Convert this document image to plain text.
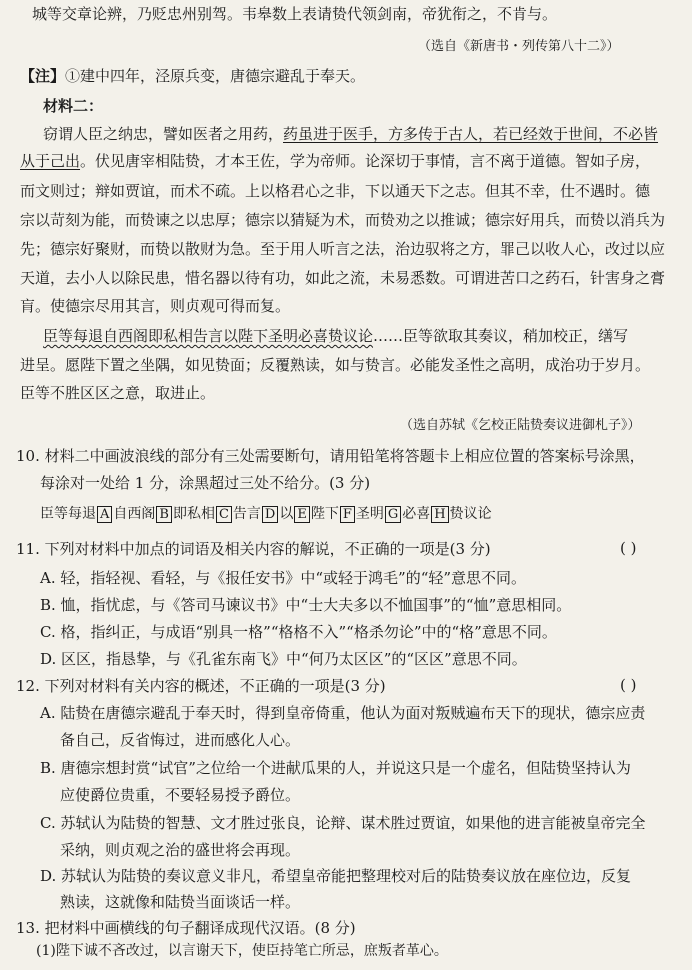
城等交章论辨，乃贬忠州别驾。韦皋数上表请贽代领剑南，帝犹衔之，不肯与。
（选自《新唐书・列传第八十二》）
【注】①建中四年，泾原兵变，唐德宗避乱于奉天。
材料二：
窃谓人臣之纳忠，譬如医者之用药，药虽进于医手，方多传于古人，若已经效于世间，不必皆
从于己出。伏见唐宰相陆贽，才本王佐，学为帝师。论深切于事情，言不离于道德。智如子房，
而文则过；辩如贾谊，而术不疏。上以格君心之非，下以通天下之志。但其不幸，仕不遇时。德
宗以苛刻为能，而贽谏之以忠厚；德宗以猜疑为术，而贽劝之以推诚；德宗好用兵，而贽以消兵为
先；德宗好聚财，而贽以散财为急。至于用人听言之法，治边驭将之方，罪己以收人心，改过以应
天道，去小人以除民患，惜名器以待有功，如此之流，未易悉数。可谓进苦口之药石，针害身之膏
肓。使德宗尽用其言，则贞观可得而复。
臣等每退自西阁即私相告言以陛下圣明必喜贽议论……臣等欲取其奏议，稍加校正，缮写
进呈。愿陛下置之坐隅，如见贽面；反覆熟读，如与贽言。必能发圣性之高明，成治功于岁月。
臣等不胜区区之意，取进止。
（选自苏轼《乞校正陆贽奏议进御札子》）
10. 材料二中画波浪线的部分有三处需要断句，请用铅笔将答题卡上相应位置的答案标号涂黑，
每涂对一处给 1 分，涂黑超过三处不给分。(3 分)
臣等每退 A 自西阁 B 即私相 C 告言 D 以 E 陛下 F 圣明 G 必喜 H 贽议论
11. 下列对材料中加点的词语及相关内容的解说，不正确的一项是(3 分)	( )
A. 轻，指轻视、看轻，与《报任安书》中“或轻于鸿毛”的“轻”意思不同。
B. 恤，指忧虑，与《答司马谏议书》中“士大夫多以不恤国事”的“恤”意思相同。
C. 格，指纠正，与成语“别具一格”“格格不入”“格杀勿论”中的“格”意思不同。
D. 区区，指恳挚，与《孔雀东南飞》中“何乃太区区”的“区区”意思不同。
12. 下列对材料有关内容的概述，不正确的一项是(3 分)	( )
A. 陆贽在唐德宗避乱于奉天时，得到皇帝倚重，他认为面对叛贼遍布天下的现状，德宗应责
备自己，反省悔过，进而感化人心。
B. 唐德宗想封赏“试官”之位给一个进献瓜果的人，并说这只是一个虚名，但陆贽坚持认为
应使爵位贵重，不要轻易授予爵位。
C. 苏轼认为陆贽的智慧、文才胜过张良，论辩、谋术胜过贾谊，如果他的进言能被皇帝完全
采纳，则贞观之治的盛世将会再现。
D. 苏轼认为陆贽的奏议意义非凡，希望皇帝能把整理校对后的陆贽奏议放在座位边，反复
熟读，这就像和陆贽当面谈话一样。
13. 把材料中画横线的句子翻译成现代汉语。(8 分)
(1)陛下诚不吝改过，以言谢天下，使臣持笔亡所忌，庶叛者革心。
